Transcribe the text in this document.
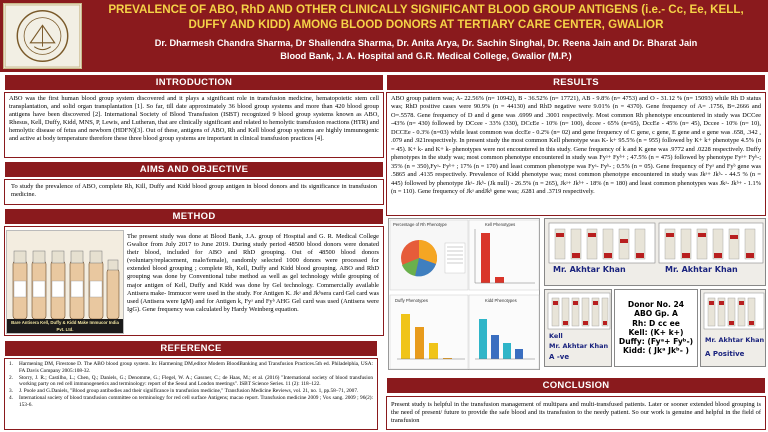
PREVALENCE OF ABO, RhD AND OTHER CLINICALLY SIGNIFICANT BLOOD GROUP ANTIGENS (i.e.- Cc, Ee, KELL, DUFFY AND KIDD) AMONG BLOOD DONORS AT TERTIARY CARE CENTER, GWALIOR
Dr. Dharmesh Chandra Sharma, Dr Shailendra Sharma, Dr. Anita Arya, Dr. Sachin Singhal, Dr. Reena Jain and Dr. Bharat Jain
Blood Bank, J. A. Hospital and G.R. Medical College, Gwalior (M.P.)
INTRODUCTION

ABO was the first human blood group system discovered and it plays a significant role in transfusion medicine, hematopoietic stem cell transplantation, and solid organ transplantation [1]. So far, till date approximately 36 blood group systems and more than 420 blood group antigens have been discovered [2]. International Society of Blood Transfusion (ISBT) recognized 9 blood group systems known as ABO, Rhesus, Kell, Duffy, Kidd, MNS, P, Lewis, and Lutheran, that are clinically significant and related to hemolytic transfusion reactions (HTR) and hemolytic disease of fetus and newborn (HDFN)[3]. Out of these, antigens of ABO, Rh and Kell blood group systems are highly immunogenic and active at body temperature therefore these three blood group systems are important in clinical transfusion practices [4].

AIMS AND OBJECTIVE

To study the prevalence of ABO, complete Rh, Kill, Duffy and Kidd blood group antigen in blood donors and its significance in transfusion medicine.

METHOD

The present study was done at Blood Bank, J.A. group of Hospital and G. R. Medical College Gwalior from July 2017 to June 2019. During study period 48500 blood donors were donated their blood, included for ABO and RhD grouping. Out of 48500 blood donors (voluntary/replacement, male/female), randomly selected 1000 donors were processed for extended blood grouping ; complete Rh, Kell, Duffy and Kidd blood grouping. ABO and RhD grouping was done by Conventional tube method as well as gel technology while grouping of major antigen of Kell, Duffy and Kidd was done by Gel technology. Commercially available Antisera make- Immucor were used in the study. For Antigen K. Jkᵃ and Jkᵇsera card Gel card was used (Antisera were IgM) and for Antigen k, Fyᵃ and Fyᵇ AHG Gel card was used (Antisera were IgG). Gene frequency was calculated by Hardy Weinberg equation.

Bare Antisera Kell, Duffy & Kidd Make Immucor India Pvt. Ltd.
REFERENCE
1. Harmening DM, Firestone D. The ABO blood group system. In: Harmening DM,editor Modern BloodBanking and Transfusion Practices.5th ed. Philadelphia, USA: FA Davis Company 2005:108-32.
2. Storry, J. R.; Castilho, L.; Chen, Q.; Daniels, G.; Denomme, G.; Flegel, W. A.; Gassner, C.; de Haas, M.; et al. (2016) "International society of blood transfusion working party on red cell immunogenetics and terminology: report of the Seoul and London meetings". ISBT Science Series. 11 (2): 118–122.
3. J. Poole and G.Daniels, "Blood group antibodies and their significance in transfusion medicine," Transfusion Medicine Reviews, vol. 21, no. 1, pp.58–71, 2007.
4. International society of blood transfusion committee on terminology for red cell surface Antigens; macao report. Transfusion medicine 2009 ; Vox sang. 2009 ; 96(2): 153-6.
RESULTS

ABO group pattern was; A- 22.56% (n= 10942), B - 36.52% (n= 17721), AB - 9.8% (n= 4753) and O - 31.12 % (n= 15093) while Rh D status was; RhD positive cases were 90.9% (n = 44130) and RhD negative were 9.01% (n = 4370). Gene frequency of A= .1756, B=.2666 and O=.5578. Gene frequency of D and d gene was .6999 and .3001 respectively. Most common Rh phenotype encountered in study was DCCee -43% (n= 430) followed by DCcee - 33% (330), DCcEe - 10% (n= 100), dccee - 65% (n=65), DccEe - 45% (n= 45), Dccee - 10% (n= 10), DCCEe - 0.3% (n=03) while least common was dccEe - 0.2% (n= 02) and gene frequency of C gene, c gene, E gene and e gene was .658, .342 , .079 and .921respectively. In present study the most common Kell phenotype was K- k+ 95.5% (n = 955) followed by K+ k+ phenotype 4.5% (n = 45). K+ k- and K+ k- phenotypes were not encountered in this study. Gene frequency of k and K gene was .9772 and .0228 respectively. Duffy phenotypes in the study was; most common phenotype encountered in study was Fyᵃ+ Fyᵇ+ ; 47.5% (n = 475) followed by phenotype Fyᵃ+ Fyᵇ-; 35% (n = 350),Fyᵃ- Fyᵇ+ ; 17% (n = 170) and least common phenotype was Fyᵃ- Fyᵇ- ; 0.5% (n = 05). Gene frequency of Fyᵃ and Fyᵇ gene was .5865 and .4135 respectively. Prevalence of Kidd phenotype was; most common phenotype encountered in study was Jkᵃ+ Jkᵇ- - 44.5 % (n = 445) followed by phenotype Jkᵃ- Jkᵇ- (Jk null) - 26.5% (n = 265), Jkᵃ+ Jkᵇ+ - 18% (n = 180) and least common phenotypes was Jkᵃ- Jkᵇ+ - 1.1% (n = 110). Gene frequency of Jkᵃ andJkᵇ gene was; .6281 and .3719 respectively.

Percentage of Rh Phenotype	Kell Phenotypes
Duffy Phenotypes	Kidd Phenotypes
Mr. Akhtar Khan	Mr. Akhtar Khan
Kell
Mr. Akhtar Khan
A -ve
Donor No. 24
ABO Gp. A
Rh: D cc ee
Kell: (K+ k+)
Duffy: (Fyᵃ+ Fyᵇ-)
Kidd: ( Jkᵃ Jkᵇ- )
Mr. Akhtar Khan
A Positive
CONCLUSION

Present study is helpful in the transfusion management of multipara and multi-transfused patients. Later or sooner extended blood grouping is the need of present/ future to provide the safe blood and its transfusion to the needy patient. So our work is genuine and helpful in the field of transfusion
